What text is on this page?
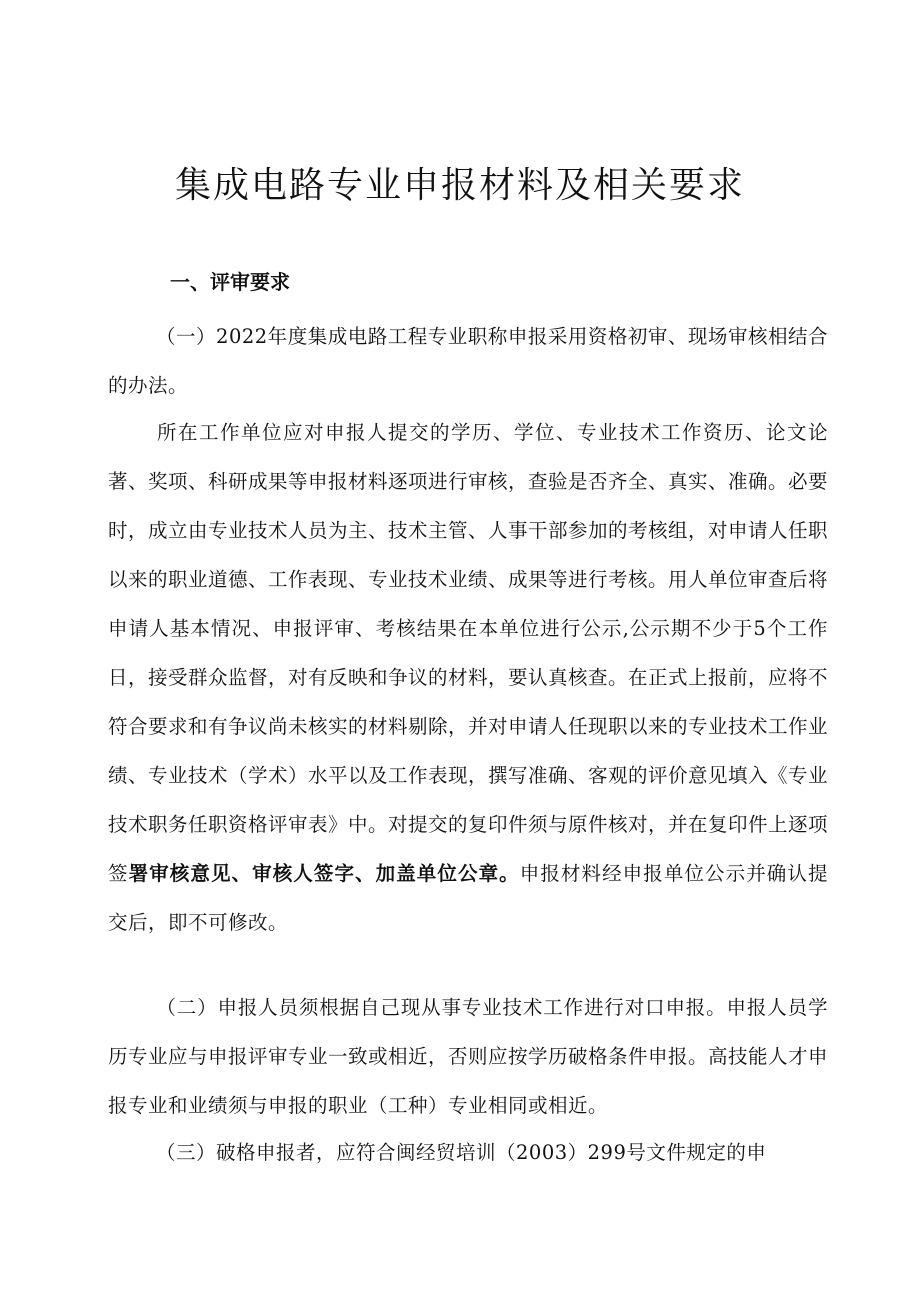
集成电路专业申报材料及相关要求
一、评审要求

（一）2022年度集成电路工程专业职称申报采用资格初审、现场审核相结合的办法。

所在工作单位应对申报人提交的学历、学位、专业技术工作资历、论文论著、奖项、科研成果等申报材料逐项进行审核，查验是否齐全、真实、准确。必要时，成立由专业技术人员为主、技术主管、人事干部参加的考核组，对申请人任职以来的职业道德、工作表现、专业技术业绩、成果等进行考核。用人单位审查后将申请人基本情况、申报评审、考核结果在本单位进行公示,公示期不少于5个工作日，接受群众监督，对有反映和争议的材料，要认真核查。在正式上报前，应将不符合要求和有争议尚未核实的材料剔除，并对申请人任现职以来的专业技术工作业绩、专业技术（学术）水平以及工作表现，撰写准确、客观的评价意见填入《专业技术职务任职资格评审表》中。对提交的复印件须与原件核对，并在复印件上逐项签署审核意见、审核人签字、加盖单位公章。申报材料经申报单位公示并确认提交后，即不可修改。

（二）申报人员须根据自己现从事专业技术工作进行对口申报。申报人员学历专业应与申报评审专业一致或相近，否则应按学历破格条件申报。高技能人才申报专业和业绩须与申报的职业（工种）专业相同或相近。

（三）破格申报者，应符合闽经贸培训（2003）299号文件规定的申
